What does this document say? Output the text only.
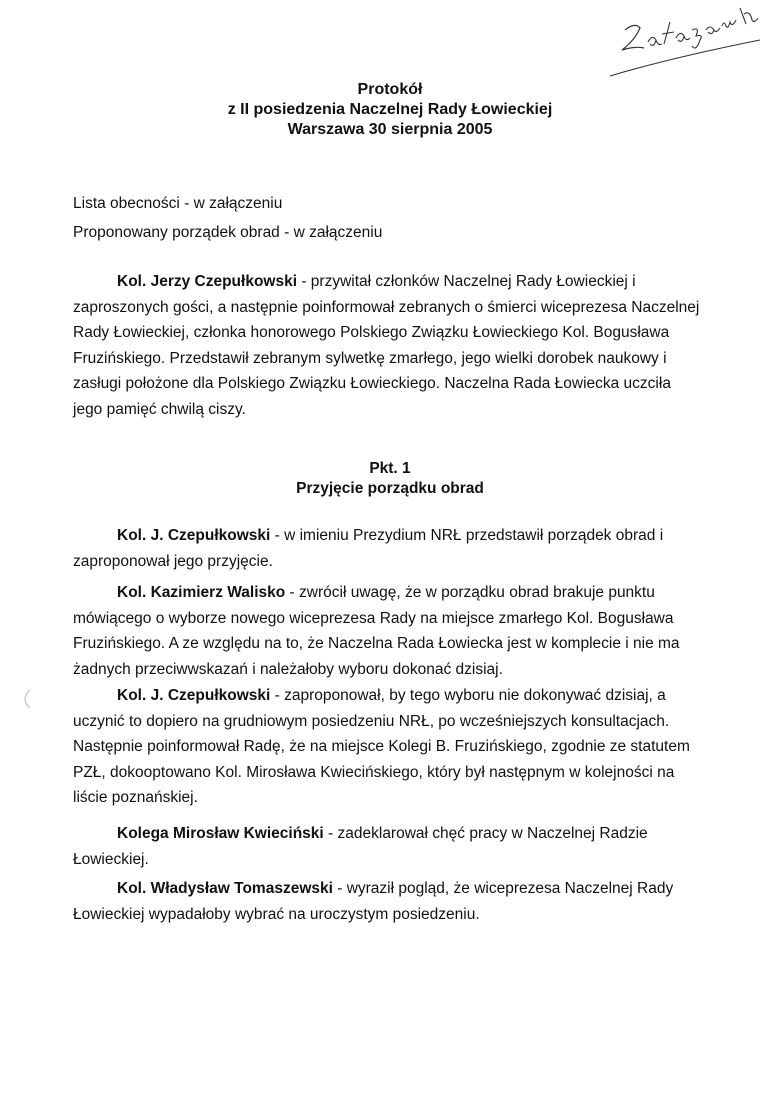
Protokół
z II posiedzenia Naczelnej Rady Łowieckiej
Warszawa 30 sierpnia 2005
Lista obecności - w załączeniu
Proponowany porządek obrad - w załączeniu
Kol. Jerzy Czepułkowski - przywitał członków Naczelnej Rady Łowieckiej i zaproszonych gości, a następnie poinformował zebranych o śmierci wiceprezesa Naczelnej Rady Łowieckiej, członka honorowego Polskiego Związku Łowieckiego Kol. Bogusława Fruzińskiego. Przedstawił zebranym sylwetkę zmarłego, jego wielki dorobek naukowy i zasługi położone dla Polskiego Związku Łowieckiego. Naczelna Rada Łowiecka uczciła jego pamięć chwilą ciszy.
Pkt. 1
Przyjęcie porządku obrad
Kol. J. Czepułkowski - w imieniu Prezydium NRŁ przedstawił porządek obrad i zaproponował jego przyjęcie.
Kol. Kazimierz Walisko - zwrócił uwagę, że w porządku obrad brakuje punktu mówiącego o wyborze nowego wiceprezesa Rady na miejsce zmarłego Kol. Bogusława Fruzińskiego. A ze względu na to, że Naczelna Rada Łowiecka jest w komplecie i nie ma żadnych przeciwwskazań i należałoby wyboru dokonać dzisiaj.
Kol. J. Czepułkowski - zaproponował, by tego wyboru nie dokonywać dzisiaj, a uczynić to dopiero na grudniowym posiedzeniu NRŁ, po wcześniejszych konsultacjach. Następnie poinformował Radę, że na miejsce Kolegi B. Fruzińskiego, zgodnie ze statutem PZŁ, dokooptowano Kol. Mirosława Kwiecińskiego, który był następnym w kolejności na liście poznańskiej.
Kolega Mirosław Kwieciński - zadeklarował chęć pracy w Naczelnej Radzie Łowieckiej.
Kol. Władysław Tomaszewski - wyraził pogląd, że wiceprezesa Naczelnej Rady Łowieckiej wypadałoby wybrać na uroczystym posiedzeniu.
